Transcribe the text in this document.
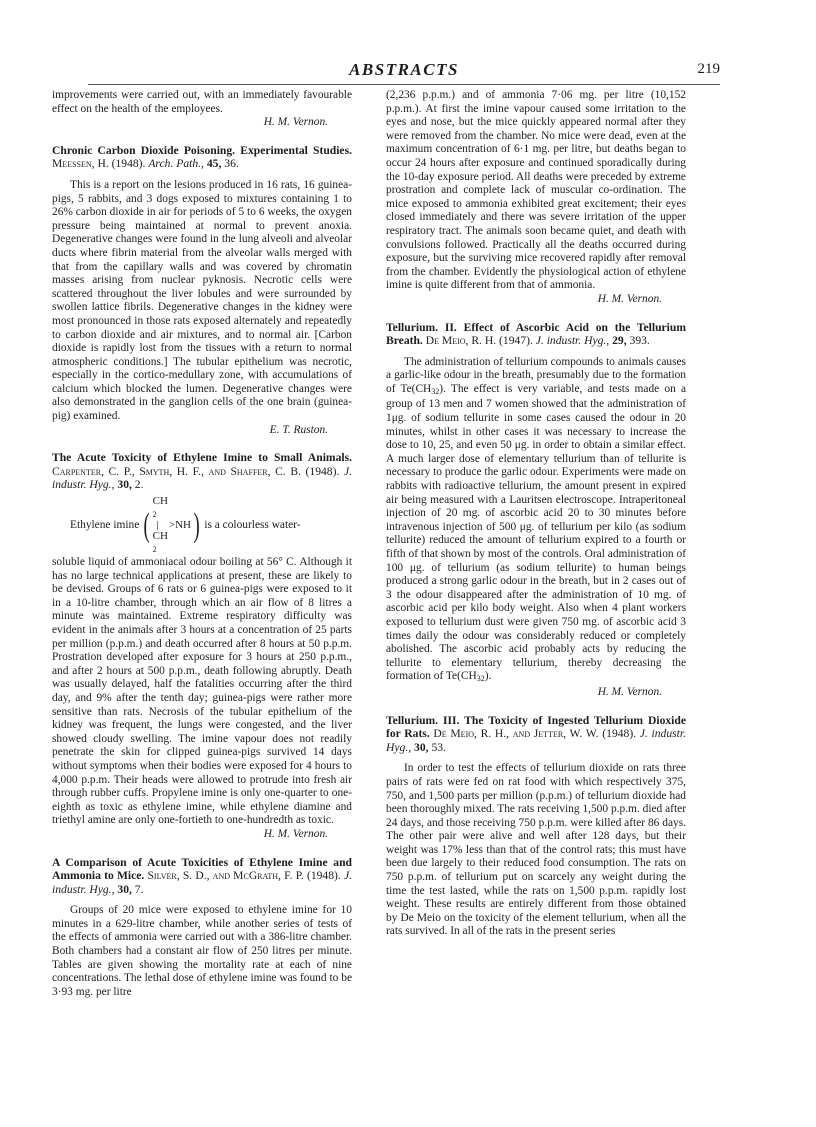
ABSTRACTS	219

improvements were carried out, with an immediately favourable effect on the health of the employees.

H. M. Vernon.

Chronic Carbon Dioxide Poisoning. Experimental Studies. Meessen, H. (1948). Arch. Path., 45, 36.

This is a report on the lesions produced in 16 rats, 16 guinea-pigs, 5 rabbits, and 3 dogs exposed to mixtures containing 1 to 26% carbon dioxide in air for periods of 5 to 6 weeks, the oxygen pressure being maintained at normal to prevent anoxia. Degenerative changes were found in the lung alveoli and alveolar ducts where fibrin material from the alveolar walls merged with that from the capillary walls and was covered by chromatin masses arising from nuclear pyknosis. Necrotic cells were scattered throughout the liver lobules and were surrounded by swollen lattice fibrils. Degenerative changes in the kidney were most pronounced in those rats exposed alternately and repeatedly to carbon dioxide and air mixtures, and to normal air. [Carbon dioxide is rapidly lost from the tissues with a return to normal atmospheric conditions.] The tubular epithelium was necrotic, especially in the cortico-medullary zone, with accumulations of calcium which blocked the lumen. Degenerative changes were also demonstrated in the ganglion cells of the one brain (guinea-pig) examined.

E. T. Ruston.

The Acute Toxicity of Ethylene Imine to Small Animals. Carpenter, C. P., Smyth, H. F., and Shaffer, C. B. (1948). J. industr. Hyg., 30, 2.
Ethylene imine (
CH
$_2$
|
CH
$_2$
>NH ) is a colourless water-

soluble liquid of ammoniacal odour boiling at 56° C. Although it has no large technical applications at present, these are likely to be devised. Groups of 6 rats or 6 guinea-pigs were exposed to it in a 10-litre chamber, through which an air flow of 8 litres a minute was maintained. Extreme respiratory difficulty was evident in the animals after 3 hours at a concentration of 25 parts per million (p.p.m.) and death occurred after 8 hours at 50 p.p.m. Prostration developed after exposure for 3 hours at 250 p.p.m., and after 2 hours at 500 p.p.m., death following abruptly. Death was usually delayed, half the fatalities occurring after the third day, and 9% after the tenth day; guinea-pigs were rather more sensitive than rats. Necrosis of the tubular epithelium of the kidney was frequent, the lungs were congested, and the liver showed cloudy swelling. The imine vapour does not readily penetrate the skin for clipped guinea-pigs survived 14 days without symptoms when their bodies were exposed for 4 hours to 4,000 p.p.m. Their heads were allowed to protrude into fresh air through rubber cuffs. Propylene imine is only one-quarter to one-eighth as toxic as ethylene imine, while ethylene diamine and triethyl amine are only one-fortieth to one-hundredth as toxic.

H. M. Vernon.

A Comparison of Acute Toxicities of Ethylene Imine and Ammonia to Mice. Silver, S. D., and McGrath, F. P. (1948). J. industr. Hyg., 30, 7.

Groups of 20 mice were exposed to ethylene imine for 10 minutes in a 629-litre chamber, while another series of tests of the effects of ammonia were carried out with a 386-litre chamber. Both chambers had a constant air flow of 250 litres per minute. Tables are given showing the mortality rate at each of nine concentrations. The lethal dose of ethylene imine was found to be 3·93 mg. per litre

(2,236 p.p.m.) and of ammonia 7·06 mg. per litre (10,152 p.p.m.). At first the imine vapour caused some irritation to the eyes and nose, but the mice quickly appeared normal after they were removed from the chamber. No mice were dead, even at the maximum concentration of 6·1 mg. per litre, but deaths began to occur 24 hours after exposure and continued sporadically during the 10-day exposure period. All deaths were preceded by extreme prostration and complete lack of muscular co-ordination. The mice exposed to ammonia exhibited great excitement; their eyes closed immediately and there was severe irritation of the upper respiratory tract. The animals soon became quiet, and death with convulsions followed. Practically all the deaths occurred during exposure, but the surviving mice recovered rapidly after removal from the chamber. Evidently the physiological action of ethylene imine is quite different from that of ammonia.

H. M. Vernon.

Tellurium. II. Effect of Ascorbic Acid on the Tellurium Breath. De Meio, R. H. (1947). J. industr. Hyg., 29, 393.

The administration of tellurium compounds to animals causes a garlic-like odour in the breath, presumably due to the formation of $Te(CH_{32})$. The effect is very variable, and tests made on a group of 13 men and 7 women showed that the administration of 1μg. of sodium tellurite in some cases caused the odour in 20 minutes, whilst in other cases it was necessary to increase the dose to 10, 25, and even 50 μg. in order to obtain a similar effect. A much larger dose of elementary tellurium than of tellurite is necessary to produce the garlic odour. Experiments were made on rabbits with radioactive tellurium, the amount present in expired air being measured with a Lauritsen electroscope. Intraperitoneal injection of 20 mg. of ascorbic acid 20 to 30 minutes before intravenous injection of 500 μg. of tellurium per kilo (as sodium tellurite) reduced the amount of tellurium expired to a fourth or fifth of that shown by most of the controls. Oral administration of 100 μg. of tellurium (as sodium tellurite) to human beings produced a strong garlic odour in the breath, but in 2 cases out of 3 the odour disappeared after the administration of 10 mg. of ascorbic acid per kilo body weight. Also when 4 plant workers exposed to tellurium dust were given 750 mg. of ascorbic acid 3 times daily the odour was considerably reduced or completely abolished. The ascorbic acid probably acts by reducing the tellurite to elementary tellurium, thereby decreasing the formation of $Te(CH_{32})$.

H. M. Vernon.

Tellurium. III. The Toxicity of Ingested Tellurium Dioxide for Rats. De Meio, R. H., and Jetter, W. W. (1948). J. industr. Hyg., 30, 53.

In order to test the effects of tellurium dioxide on rats three pairs of rats were fed on rat food with which respectively 375, 750, and 1,500 parts per million (p.p.m.) of tellurium dioxide had been thoroughly mixed. The rats receiving 1,500 p.p.m. died after 24 days, and those receiving 750 p.p.m. were killed after 86 days. The other pair were alive and well after 128 days, but their weight was 17% less than that of the control rats; this must have been due largely to their reduced food consumption. The rats on 750 p.p.m. of tellurium put on scarcely any weight during the time the test lasted, while the rats on 1,500 p.p.m. rapidly lost weight. These results are entirely different from those obtained by De Meio on the toxicity of the element tellurium, when all the rats survived. In all of the rats in the present series
